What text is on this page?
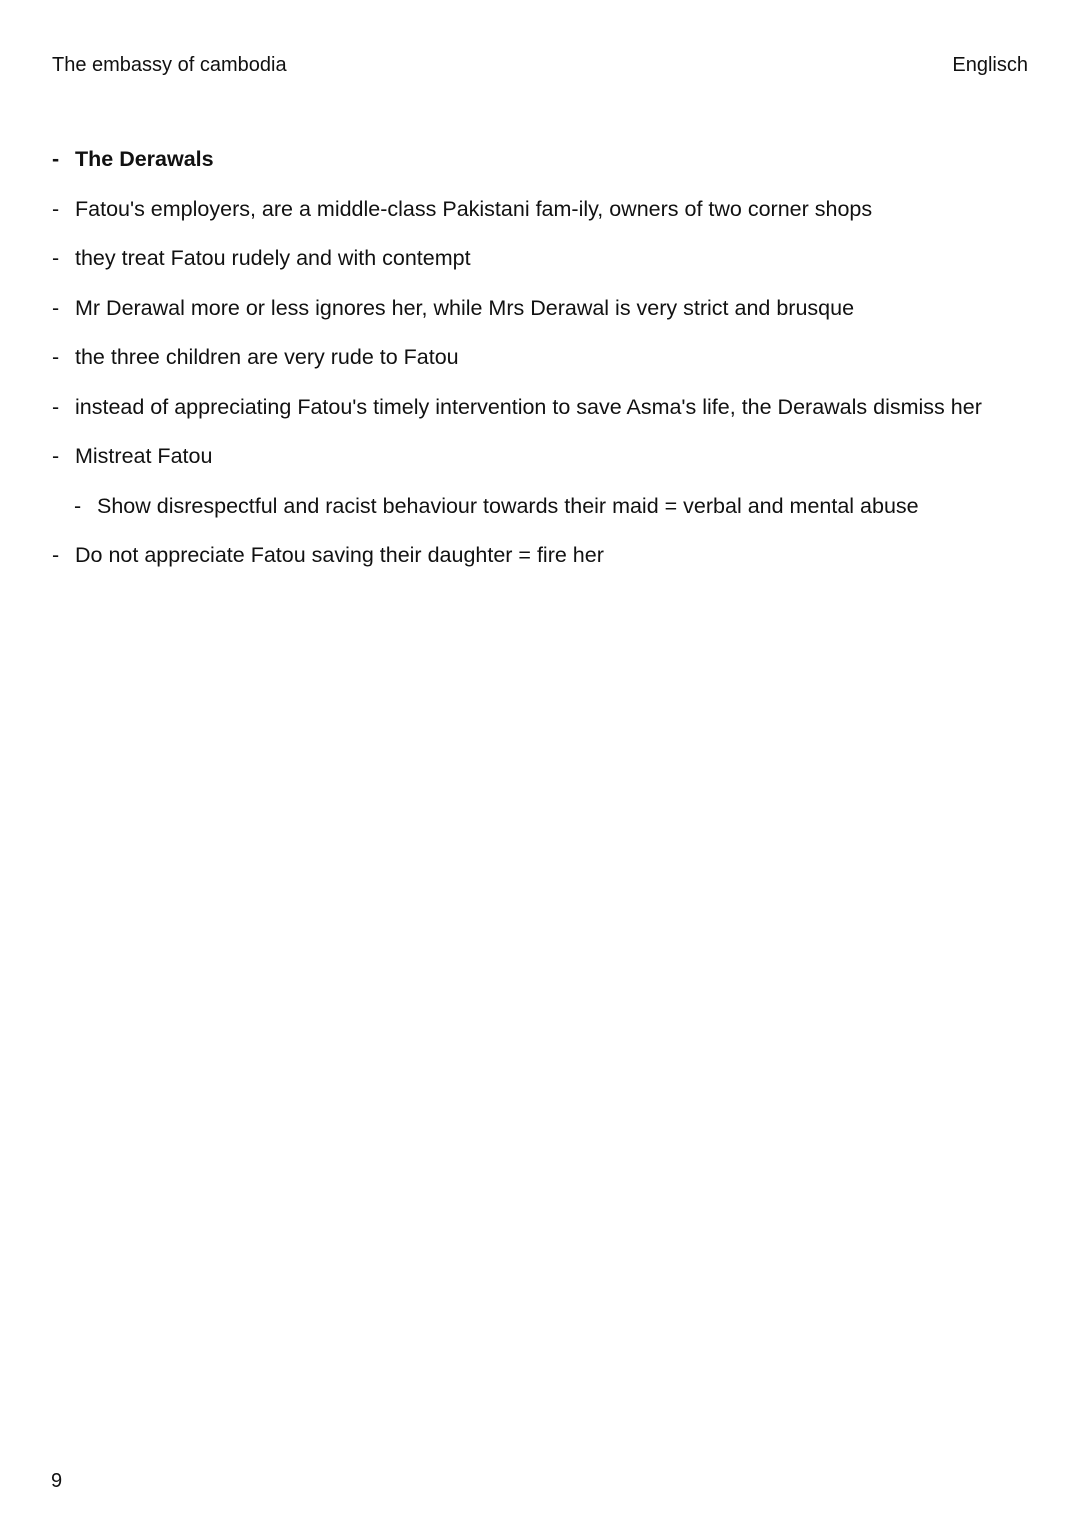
The embassy of cambodia	Englisch
- The Derawals
- Fatou's employers, are a middle-class Pakistani fam-ily, owners of two corner shops
- they treat Fatou rudely and with contempt
- Mr Derawal more or less ignores her, while Mrs Derawal is very strict and brusque
- the three children are very rude to Fatou
- instead of appreciating Fatou's timely intervention to save Asma's life, the Derawals dismiss her
- Mistreat Fatou
- Show disrespectful and racist behaviour towards their maid = verbal and mental abuse
- Do not appreciate Fatou saving their daughter = fire her
9
